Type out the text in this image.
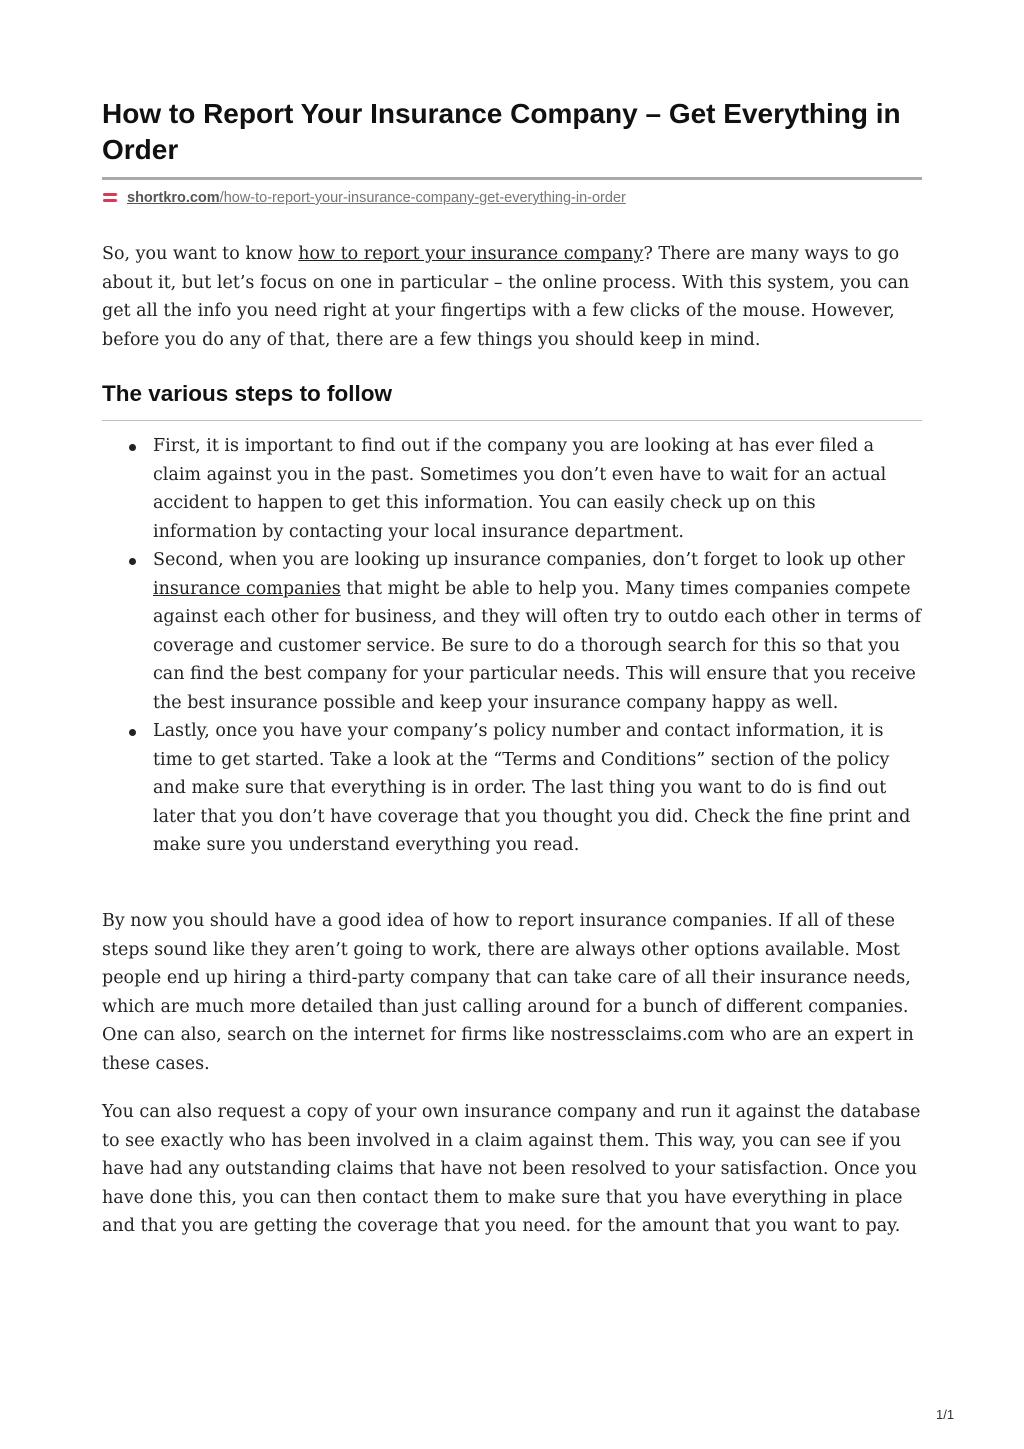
How to Report Your Insurance Company – Get Everything in Order
shortkro.com /how-to-report-your-insurance-company-get-everything-in-order

So, you want to know how to report your insurance company? There are many ways to go about it, but let’s focus on one in particular – the online process. With this system, you can get all the info you need right at your fingertips with a few clicks of the mouse. However, before you do any of that, there are a few things you should keep in mind.

The various steps to follow
First, it is important to find out if the company you are looking at has ever filed a claim against you in the past. Sometimes you don’t even have to wait for an actual accident to happen to get this information. You can easily check up on this information by contacting your local insurance department.
Second, when you are looking up insurance companies, don’t forget to look up other insurance companies that might be able to help you. Many times companies compete against each other for business, and they will often try to outdo each other in terms of coverage and customer service. Be sure to do a thorough search for this so that you can find the best company for your particular needs. This will ensure that you receive the best insurance possible and keep your insurance company happy as well.
Lastly, once you have your company’s policy number and contact information, it is time to get started. Take a look at the “Terms and Conditions” section of the policy and make sure that everything is in order. The last thing you want to do is find out later that you don’t have coverage that you thought you did. Check the fine print and make sure you understand everything you read.

By now you should have a good idea of how to report insurance companies. If all of these steps sound like they aren’t going to work, there are always other options available. Most people end up hiring a third-party company that can take care of all their insurance needs, which are much more detailed than just calling around for a bunch of different companies. One can also, search on the internet for firms like nostressclaims.com who are an expert in these cases.

You can also request a copy of your own insurance company and run it against the database to see exactly who has been involved in a claim against them. This way, you can see if you have had any outstanding claims that have not been resolved to your satisfaction. Once you have done this, you can then contact them to make sure that you have everything in place and that you are getting the coverage that you need. for the amount that you want to pay.

1/1
